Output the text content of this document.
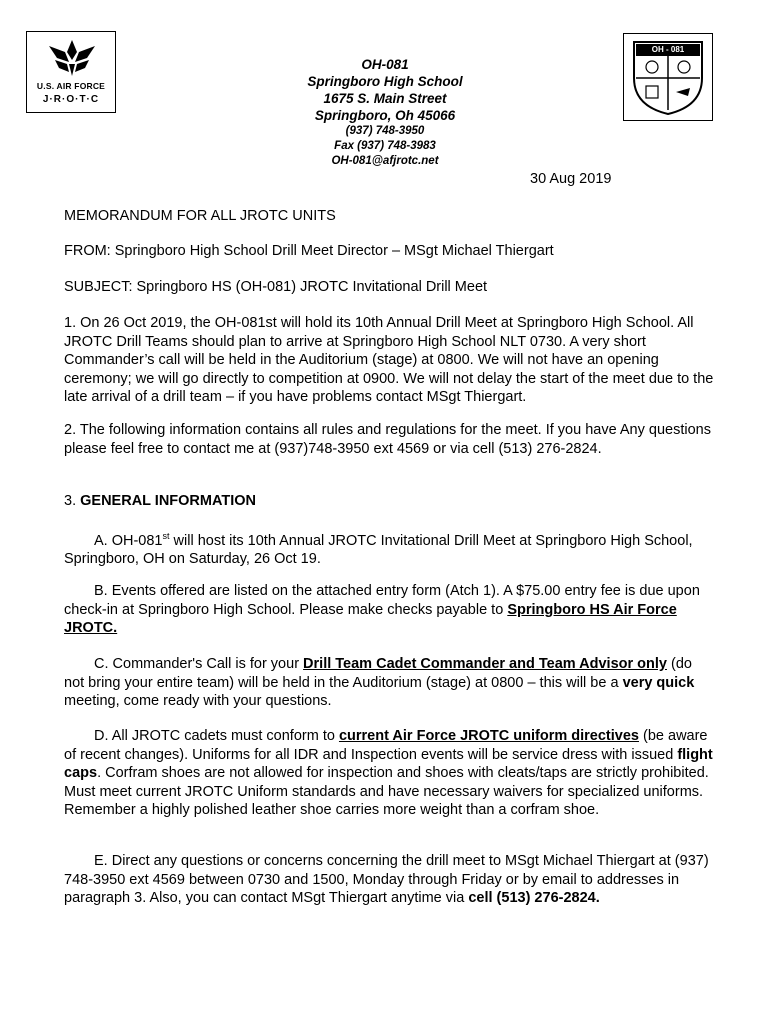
U.S. AIR FORCE
J·R·O·T·C
OH - 081
OH-081
Springboro High School
1675 S. Main Street
Springboro, Oh 45066
(937) 748-3950
Fax (937) 748-3983
OH-081@afjrotc.net
30 Aug 2019

MEMORANDUM FOR ALL JROTC UNITS

FROM: Springboro High School Drill Meet Director – MSgt Michael Thiergart

SUBJECT: Springboro HS (OH-081) JROTC Invitational Drill Meet

1. On 26 Oct 2019, the OH-081st will hold its 10th Annual Drill Meet at Springboro High School. All JROTC Drill Teams should plan to arrive at Springboro High School NLT 0730. A very short Commander’s call will be held in the Auditorium (stage) at 0800. We will not have an opening ceremony; we will go directly to competition at 0900. We will not delay the start of the meet due to the late arrival of a drill team – if you have problems contact MSgt Thiergart.

2. The following information contains all rules and regulations for the meet. If you have Any questions please feel free to contact me at (937)748-3950 ext 4569 or via cell (513) 276-2824.

3. GENERAL INFORMATION

A. OH-081st will host its 10th Annual JROTC Invitational Drill Meet at Springboro High School, Springboro, OH on Saturday, 26 Oct 19.

B. Events offered are listed on the attached entry form (Atch 1). A $75.00 entry fee is due upon check-in at Springboro High School. Please make checks payable to Springboro HS Air Force JROTC.

C. Commander's Call is for your Drill Team Cadet Commander and Team Advisor only (do not bring your entire team) will be held in the Auditorium (stage) at 0800 – this will be a very quick meeting, come ready with your questions.

D. All JROTC cadets must conform to current Air Force JROTC uniform directives (be aware of recent changes). Uniforms for all IDR and Inspection events will be service dress with issued flight caps. Corfram shoes are not allowed for inspection and shoes with cleats/taps are strictly prohibited. Must meet current JROTC Uniform standards and have necessary waivers for specialized uniforms. Remember a highly polished leather shoe carries more weight than a corfram shoe.

E. Direct any questions or concerns concerning the drill meet to MSgt Michael Thiergart at (937) 748-3950 ext 4569 between 0730 and 1500, Monday through Friday or by email to addresses in paragraph 3. Also, you can contact MSgt Thiergart anytime via cell (513) 276-2824.
